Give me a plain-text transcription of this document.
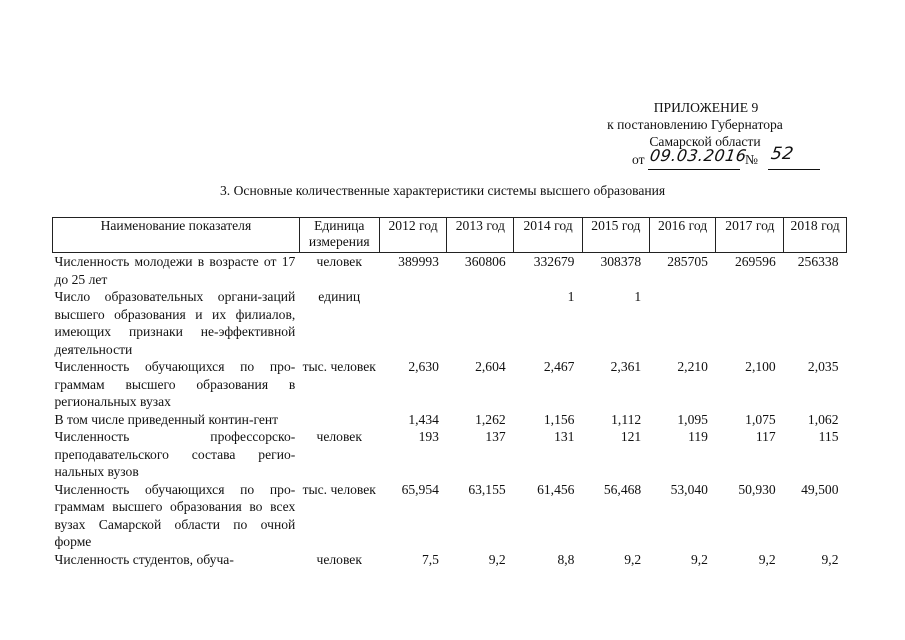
ПРИЛОЖЕНИЕ 9
к постановлению Губернатора
Самарской области
от 09.03.2016
№ 52
3. Основные количественные характеристики системы высшего образования
Наименование показателя	Единица измерения	2012 год	2013 год	2014 год	2015 год	2016 год	2017 год	2018 год
Численность молодежи в возрасте от 17 до 25 лет	человек	389993	360806	332679	308378	285705	269596	256338
Число образовательных органи-заций высшего образования и их филиалов, имеющих признаки не-эффективной деятельности	единиц			1	1			
Численность обучающихся по про-граммам высшего образования в региональных вузах	тыс. человек	2,630	2,604	2,467	2,361	2,210	2,100	2,035
В том числе приведенный контин-гент		1,434	1,262	1,156	1,112	1,095	1,075	1,062
Численность профессорско-преподавательского состава регио-нальных вузов	человек	193	137	131	121	119	117	115
Численность обучающихся по про-граммам высшего образования во всех вузах Самарской области по очной форме	тыс. человек	65,954	63,155	61,456	56,468	53,040	50,930	49,500
Численность студентов, обуча-	человек	7,5	9,2	8,8	9,2	9,2	9,2	9,2
